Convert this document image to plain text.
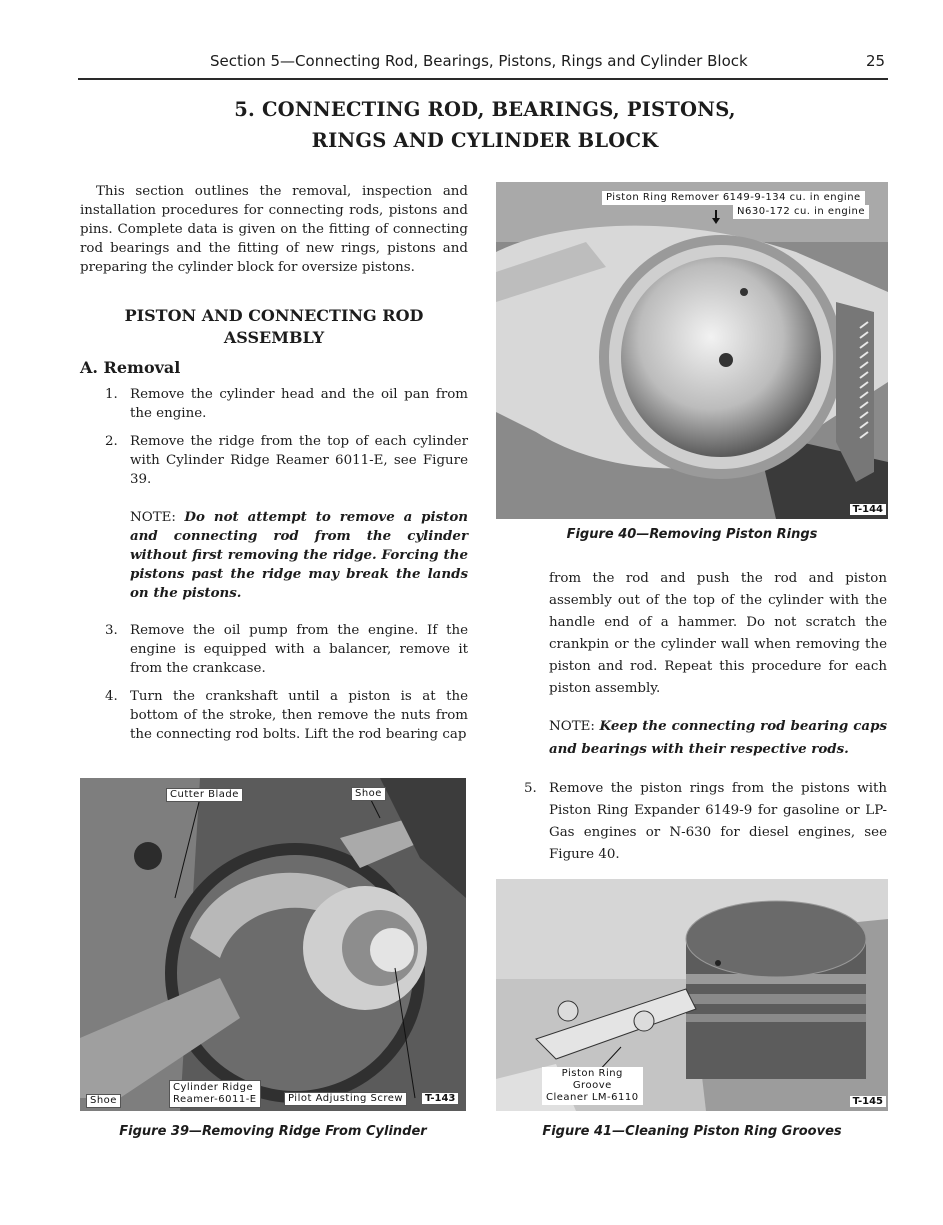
Section 5—Connecting Rod, Bearings, Pistons, Rings and Cylinder Block	25
5. CONNECTING ROD, BEARINGS, PISTONS,
RINGS AND CYLINDER BLOCK
This section outlines the removal, inspection and installation procedures for connecting rods, pistons and pins. Complete data is given on the fitting of connecting rod bearings and the fitting of new rings, pistons and preparing the cylinder block for oversize pistons.
PISTON AND CONNECTING ROD
ASSEMBLY
A. Removal
1. Remove the cylinder head and the oil pan from the engine.
2. Remove the ridge from the top of each cylinder with Cylinder Ridge Reamer 6011-E, see Figure 39.
NOTE: Do not attempt to remove a piston and connecting rod from the cylinder without first removing the ridge. Forcing the pistons past the ridge may break the lands on the pistons.
3. Remove the oil pump from the engine. If the engine is equipped with a balancer, remove it from the crankcase.
4. Turn the crankshaft until a piston is at the bottom of the stroke, then remove the nuts from the connecting rod bolts. Lift the rod bearing cap
from the rod and push the rod and piston assembly out of the top of the cylinder with the handle end of a hammer. Do not scratch the crankpin or the cylinder wall when removing the piston and rod. Repeat this procedure for each piston assembly.
NOTE: Keep the connecting rod bearing caps and bearings with their respective rods.
5. Remove the piston rings from the pistons with Piston Ring Expander 6149-9 for gasoline or LP-Gas engines or N-630 for diesel engines, see Figure 40.
Piston Ring Remover 6149-9-134 cu. in engine
N630-172 cu. in engine
T-144
Figure 40—Removing Piston Rings
Cutter Blade	Shoe
Shoe
Cylinder Ridge
Reamer-6011-E	Pilot Adjusting Screw	T-143
Figure 39—Removing Ridge From Cylinder
Piston Ring
Groove
Cleaner LM-6110	T-145
Figure 41—Cleaning Piston Ring Grooves
